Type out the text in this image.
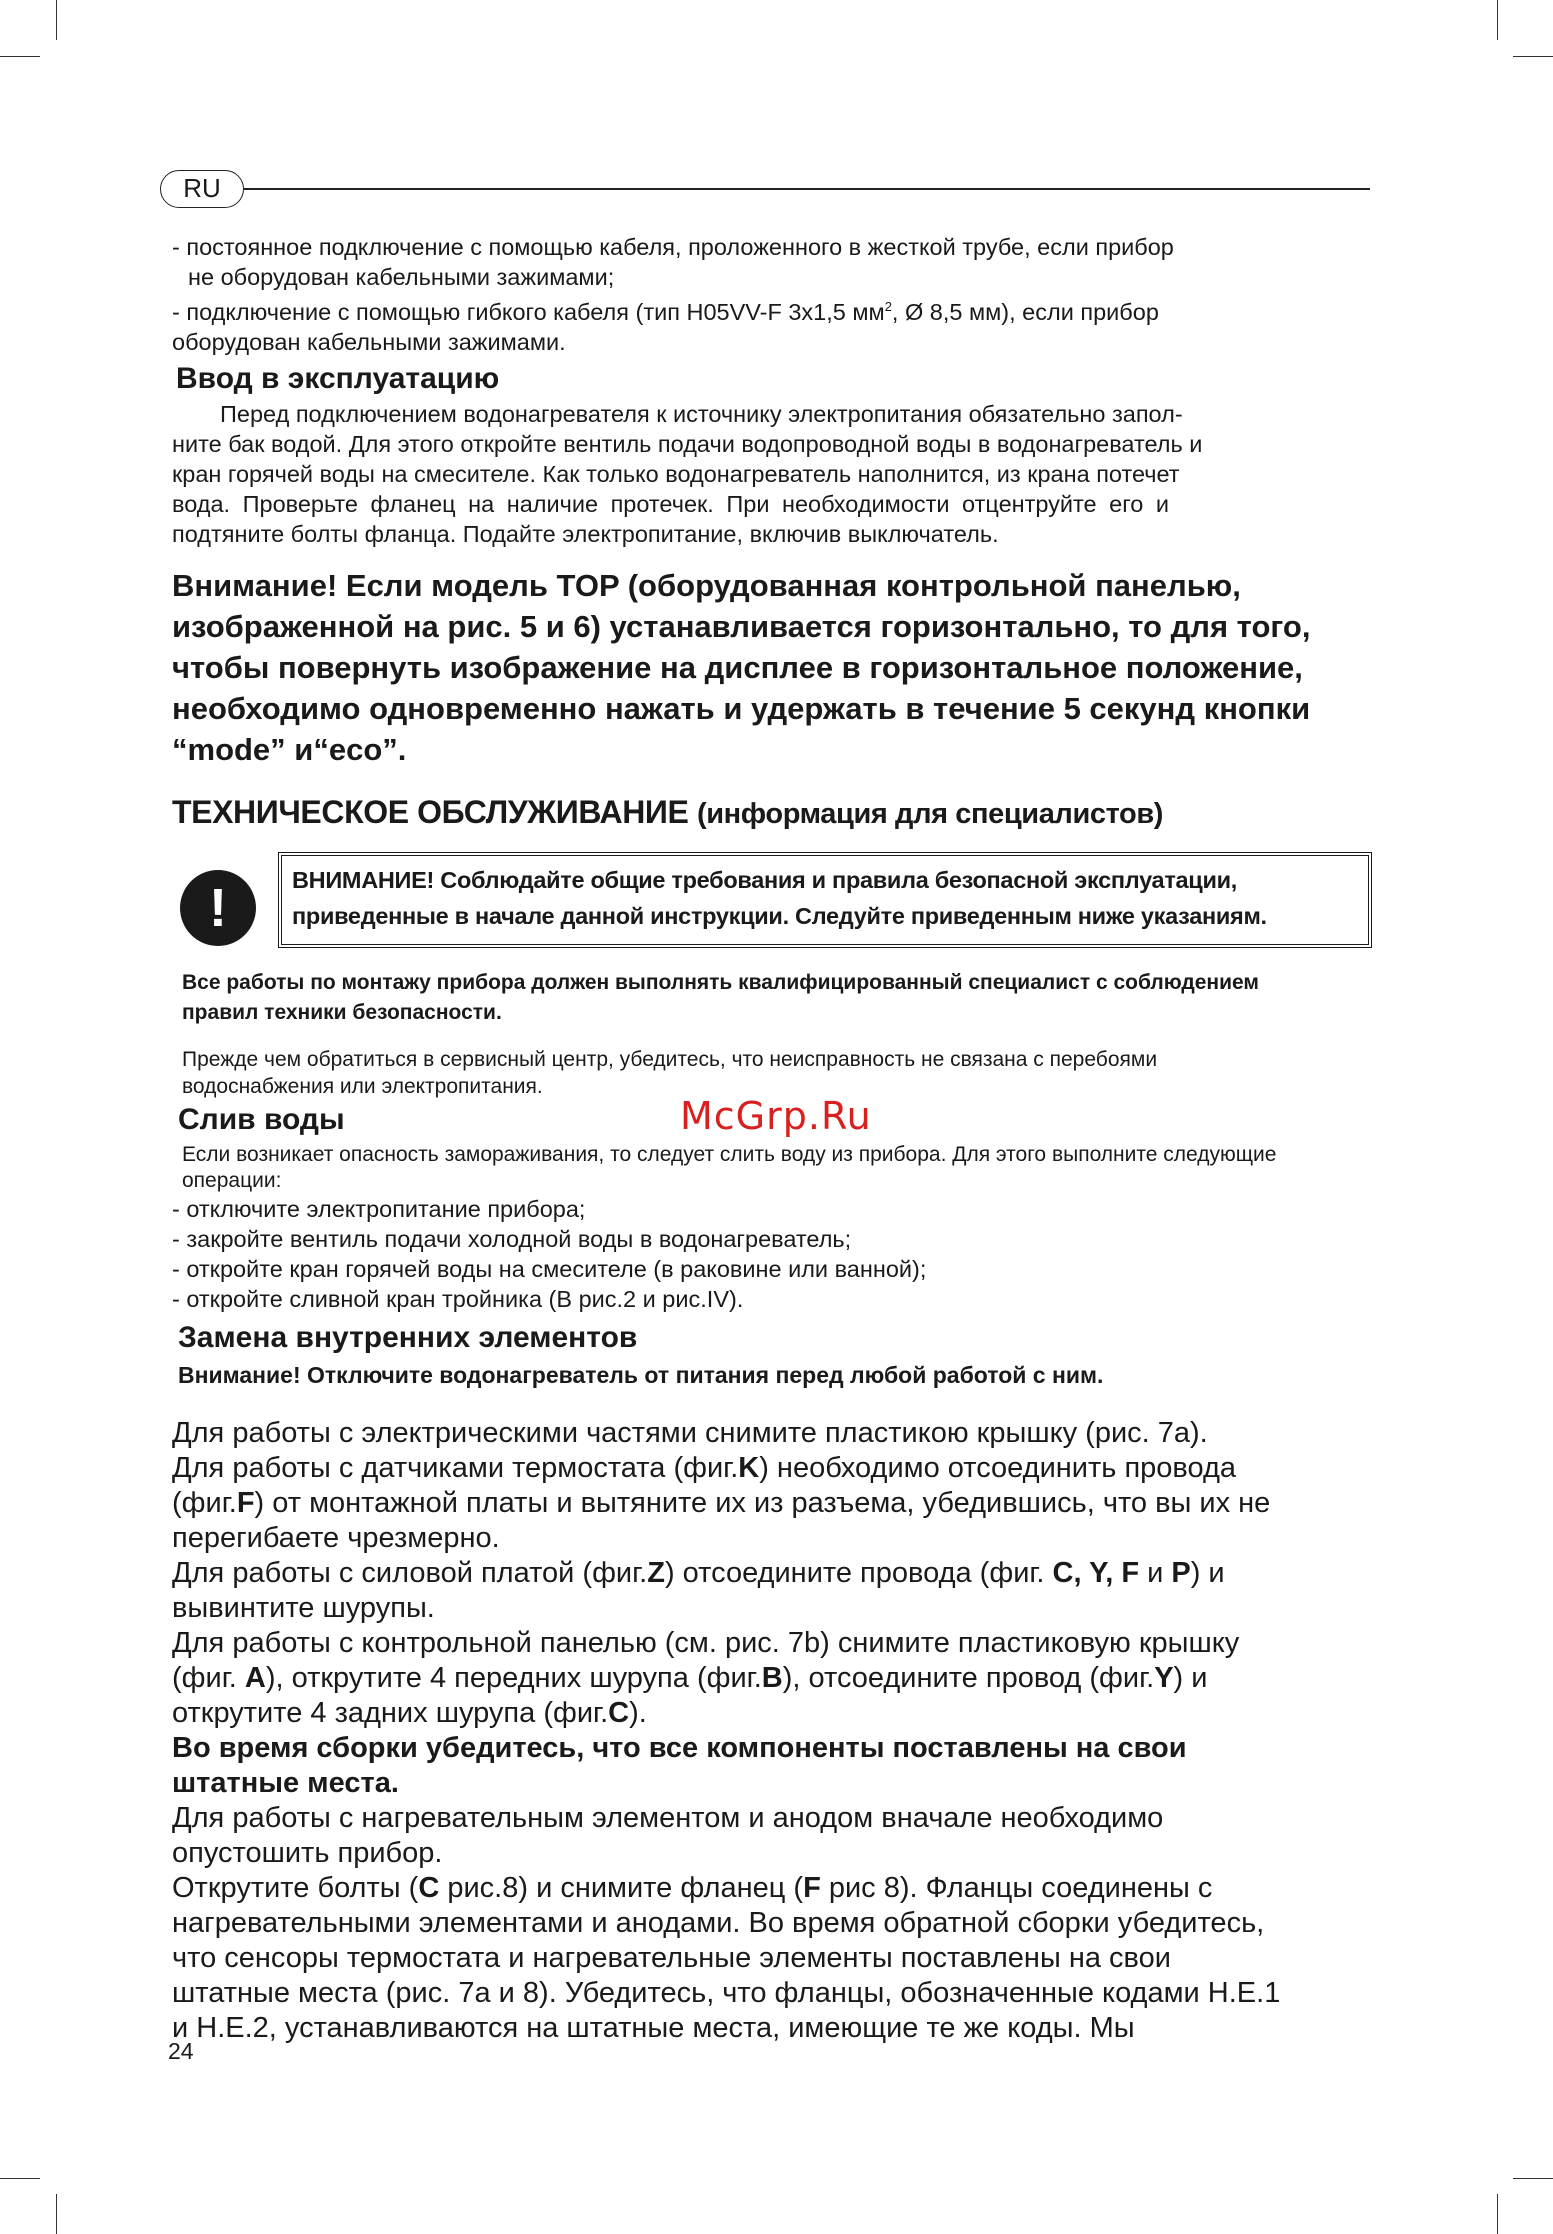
RU

- постоянное подключение с помощью кабеля, проложенного в жесткой трубе, если прибор

не оборудован кабельными зажимами;

- подключение с помощью гибкого кабеля (тип H05VV-F 3х1,5 $мм^2$, Ø 8,5 мм), если прибор

оборудован кабельными зажимами.

Ввод в эксплуатацию

Перед подключением водонагревателя к источнику электропитания обязательно запол-

ните бак водой. Для этого откройте вентиль подачи водопроводной воды в водонагреватель и

кран горячей воды на смесителе. Как только водонагреватель наполнится, из крана потечет

вода. Проверьте фланец на наличие протечек. При необходимости отцентруйте его и

подтяните болты фланца. Подайте электропитание, включив выключатель.

Внимание! Если модель TOP (оборудованная контрольной панелью,
изображенной на рис. 5 и 6) устанавливается горизонтально, то для того,
чтобы повернуть изображение на дисплее в горизонтальное положение,
необходимо одновременно нажать и удержать в течение 5 секунд кнопки
“mode” и“eco”.
ТЕХНИЧЕСКОЕ ОБСЛУЖИВАНИЕ (информация для специалистов)
!	ВНИМАНИЕ! Соблюдайте общие требования и правила безопасной эксплуатации,

приведенные в начале данной инструкции. Следуйте приведенным ниже указаниям.

Все работы по монтажу прибора должен выполнять квалифицированный специалист с соблюдением

правил техники безопасности.

Прежде чем обратиться в сервисный центр, убедитесь, что неисправность не связана с перебоями

водоснабжения или электропитания.

Слив воды

Если возникает опасность замораживания, то следует слить воду из прибора. Для этого выполните следующие

операции:

- отключите электропитание прибора;

- закройте вентиль подачи холодной воды в водонагреватель;

- откройте кран горячей воды на смесителе (в раковине или ванной);

- откройте сливной кран тройника (B рис.2 и рис.IV).

Замена внутренних элементов

Внимание! Отключите водонагреватель от питания перед любой работой с ним.

Для работы с электрическими частями снимите пластикою крышку (рис. 7а).

Для работы с датчиками термостата (фиг.K) необходимо отсоединить провода

(фиг.F) от монтажной платы и вытяните их из разъема, убедившись, что вы их не

перегибаете чрезмерно.

Для работы с силовой платой (фиг.Z) отсоедините провода (фиг. C, Y, F и P) и

вывинтите шурупы.

Для работы с контрольной панелью (см. рис. 7b) снимите пластиковую крышку

(фиг. A), открутите 4 передних шурупа (фиг.B), отсоедините провод (фиг.Y) и

открутите 4 задних шурупа (фиг.C).

Во время сборки убедитесь, что все компоненты поставлены на свои

штатные места.

Для работы с нагревательным элементом и анодом вначале необходимо

опустошить прибор.

Открутите болты (C рис.8) и снимите фланец (F рис 8). Фланцы соединены с

нагревательными элементами и анодами. Во время обратной сборки убедитесь,

что сенсоры термостата и нагревательные элементы поставлены на свои

штатные места (рис. 7а и 8). Убедитесь, что фланцы, обозначенные кодами H.E.1

и H.E.2, устанавливаются на штатные места, имеющие те же коды. Мы

McGrp.Ru
24
